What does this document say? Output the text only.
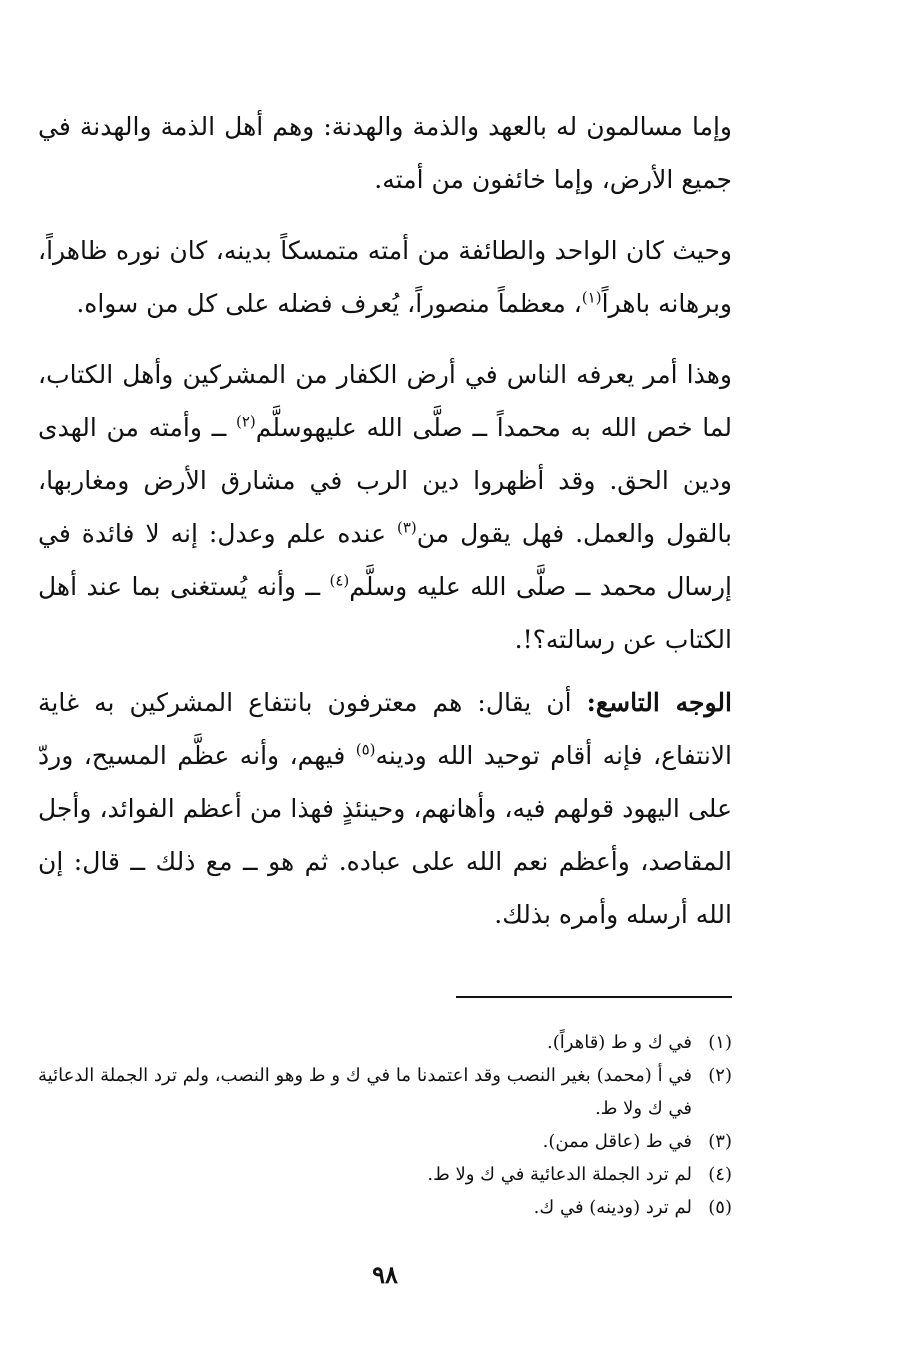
وإما مسالمون له بالعهد والذمة والهدنة: وهم أهل الذمة والهدنة في جميع الأرض، وإما خائفون من أمته.

وحيث كان الواحد والطائفة من أمته متمسكاً بدينه، كان نوره ظاهراً، وبرهانه باهراً$^{(١)}$، معظماً منصوراً، يُعرف فضله على كل من سواه.

وهذا أمر يعرفه الناس في أرض الكفار من المشركين وأهل الكتاب، لما خص الله به محمداً ــ صلَّى الله عليهوسلَّم$^{(٢)}$ ــ وأمته من الهدى ودين الحق. وقد أظهروا دين الرب في مشارق الأرض ومغاربها، بالقول والعمل. فهل يقول من$^{(٣)}$ عنده علم وعدل: إنه لا فائدة في إرسال محمد ــ صلَّى الله عليه وسلَّم$^{(٤)}$ ــ وأنه يُستغنى بما عند أهل الكتاب عن رسالته؟!.

الوجه التاسع: أن يقال: هم معترفون بانتفاع المشركين به غاية الانتفاع، فإنه أقام توحيد الله ودينه$^{(٥)}$ فيهم، وأنه عظَّم المسيح، وردّ على اليهود قولهم فيه، وأهانهم، وحينئذٍ فهذا من أعظم الفوائد، وأجل المقاصد، وأعظم نعم الله على عباده. ثم هو ــ مع ذلك ــ قال: إن الله أرسله وأمره بذلك.

(١)
في ك و ط (قاهراً).
(٢)
في أ (محمد) بغير النصب وقد اعتمدنا ما في ك و ط وهو النصب، ولم ترد الجملة الدعائية في ك ولا ط.
(٣)
في ط (عاقل ممن).
(٤)
لم ترد الجملة الدعائية في ك ولا ط.
(٥)
لم ترد (ودينه) في ك.
٩٨
